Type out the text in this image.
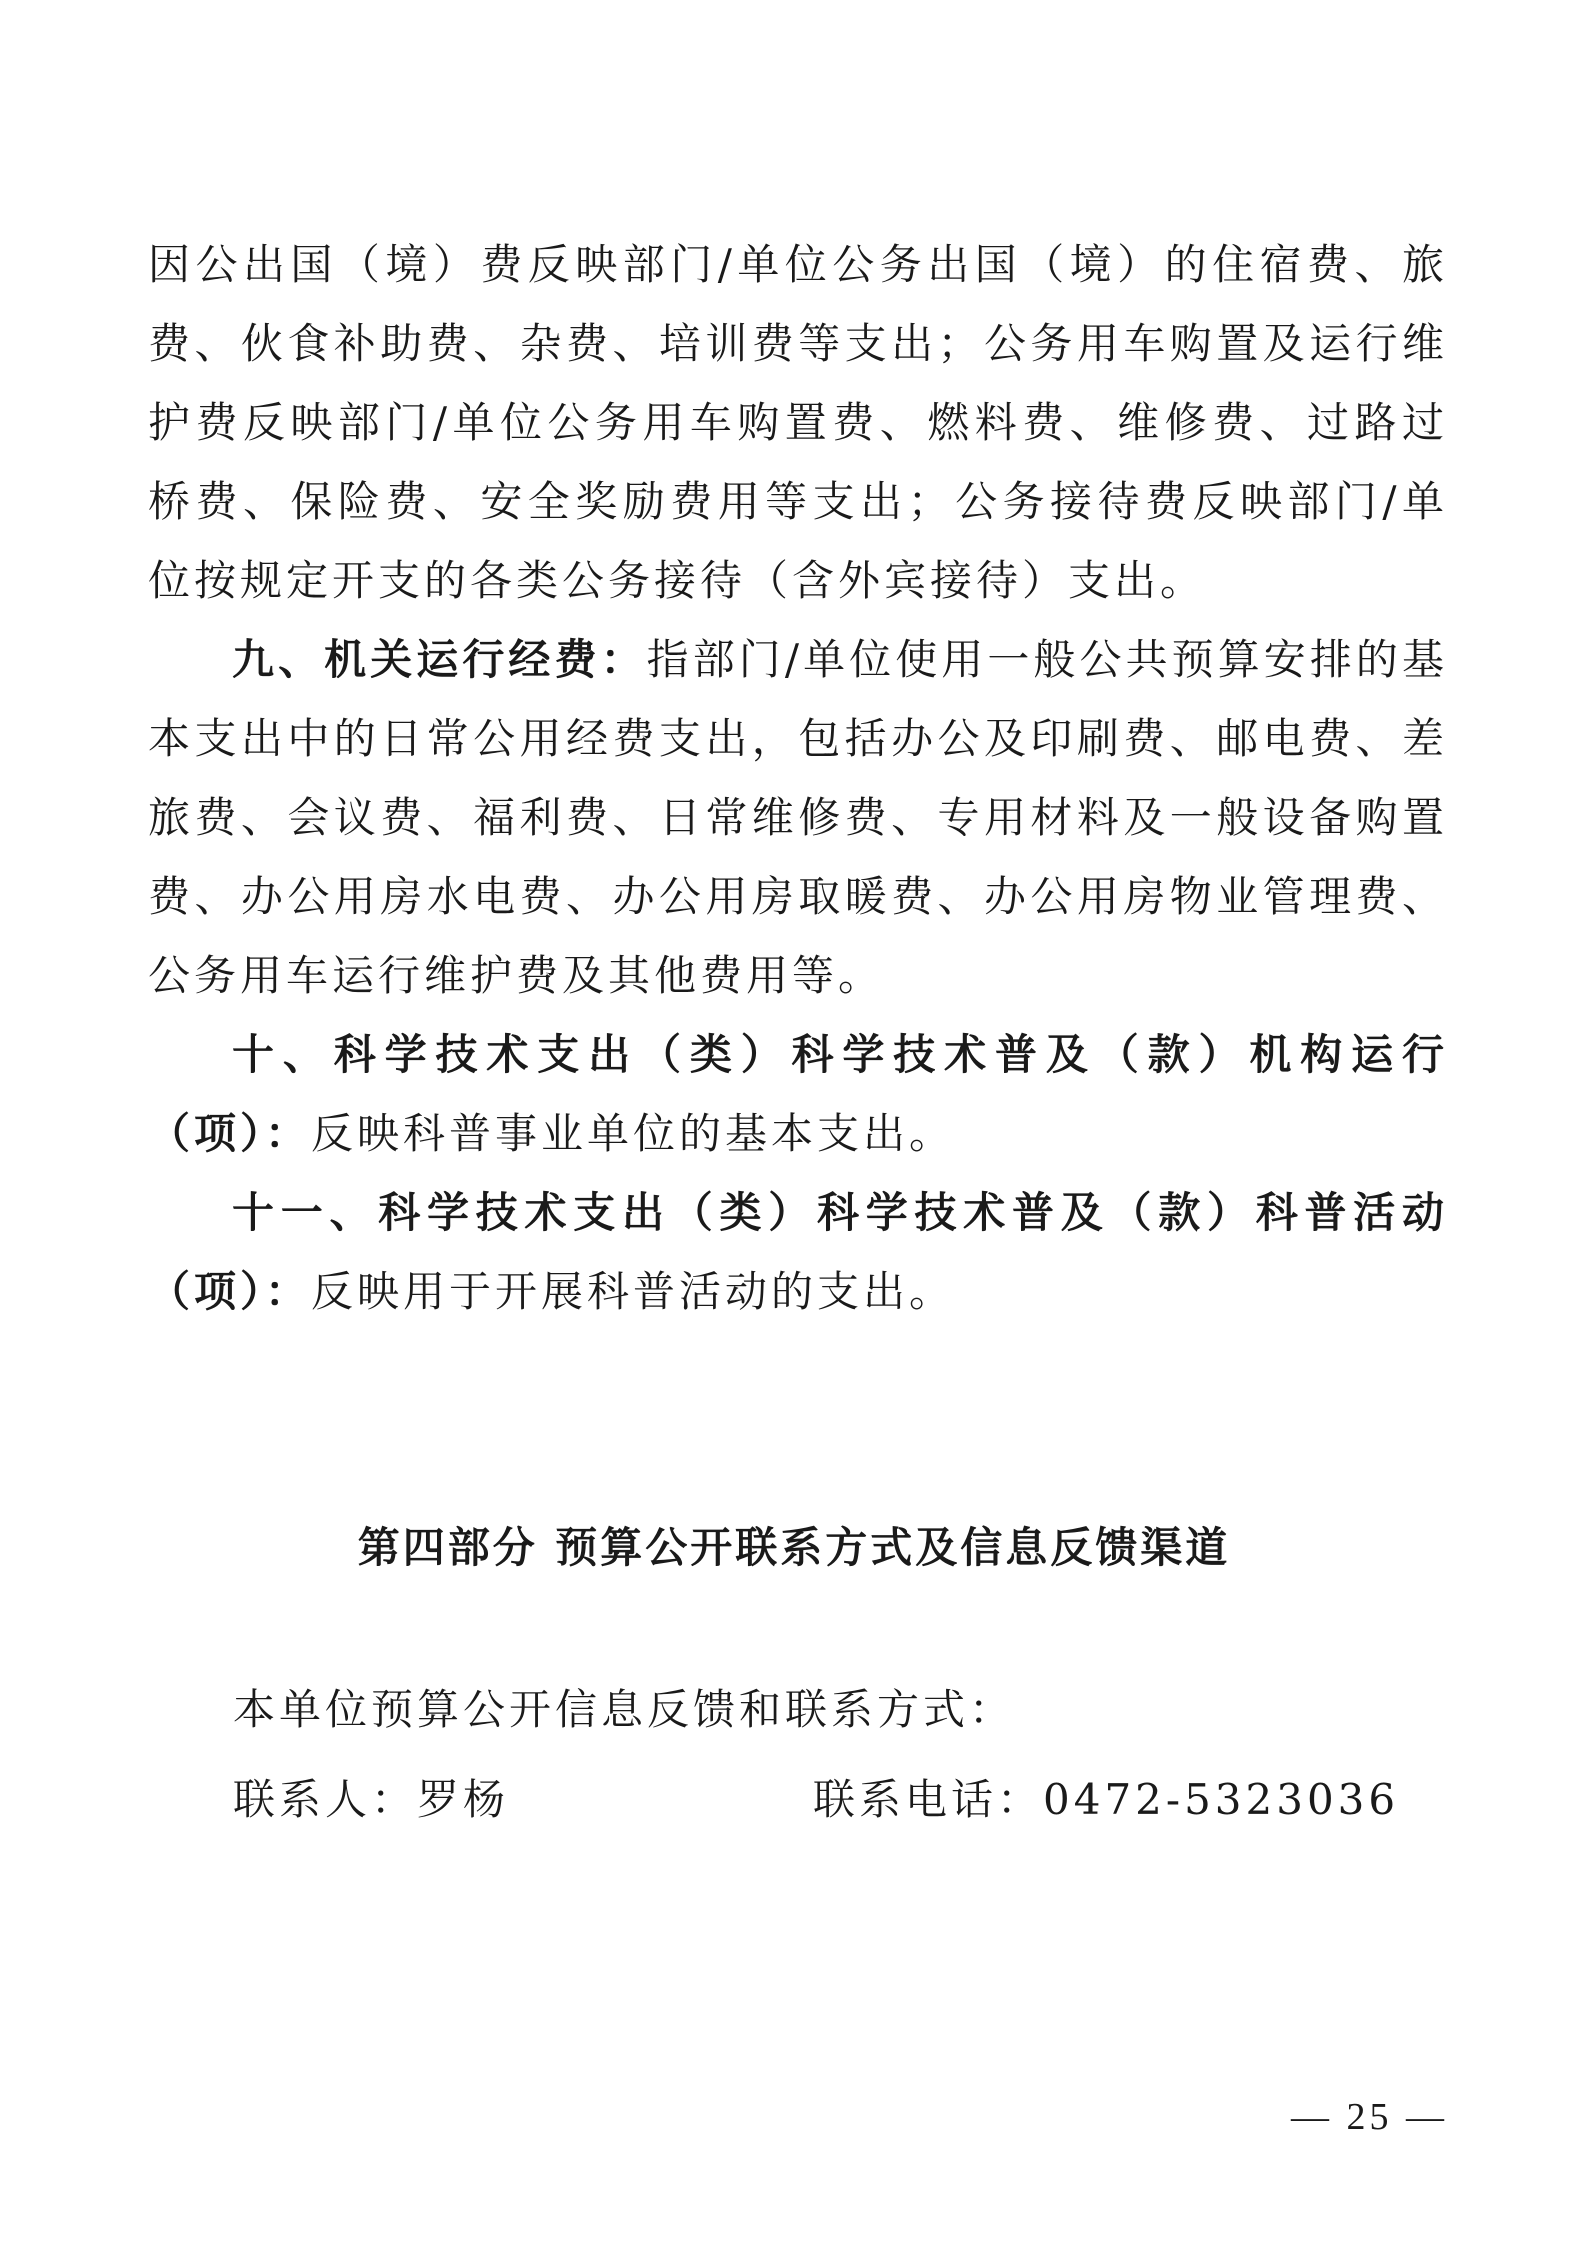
因公出国（境）费反映部门/单位公务出国（境）的住宿费、旅费、伙食补助费、杂费、培训费等支出；公务用车购置及运行维护费反映部门/单位公务用车购置费、燃料费、维修费、过路过桥费、保险费、安全奖励费用等支出；公务接待费反映部门/单位按规定开支的各类公务接待（含外宾接待）支出。

九、机关运行经费：指部门/单位使用一般公共预算安排的基本支出中的日常公用经费支出，包括办公及印刷费、邮电费、差旅费、会议费、福利费、日常维修费、专用材料及一般设备购置费、办公用房水电费、办公用房取暖费、办公用房物业管理费、公务用车运行维护费及其他费用等。

十、科学技术支出（类）科学技术普及（款）机构运行（项）：反映科普事业单位的基本支出。

十一、科学技术支出（类）科学技术普及（款）科普活动（项）：反映用于开展科普活动的支出。

第四部分 预算公开联系方式及信息反馈渠道
本单位预算公开信息反馈和联系方式：
联系人：罗杨	联系电话：0472-5323036
— 25 —
